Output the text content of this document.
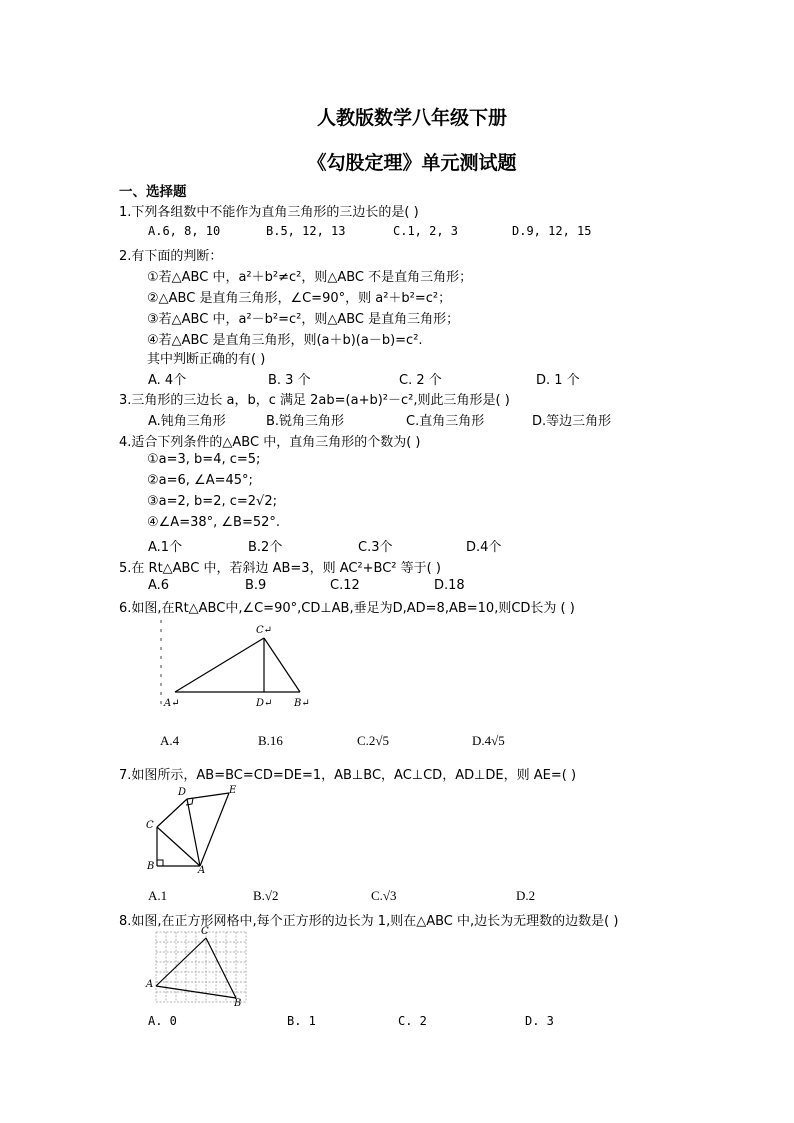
人教版数学八年级下册
《勾股定理》单元测试题
一、选择题
1.下列各组数中不能作为直角三角形的三边长的是( )
A.6, 8, 10	B.5, 12, 13	C.1, 2, 3	D.9, 12, 15
2.有下面的判断：
①若△ABC 中，a²＋b²≠c²，则△ABC 不是直角三角形；
②△ABC 是直角三角形，∠C=90°，则 a²＋b²=c²；
③若△ABC 中，a²－b²=c²，则△ABC 是直角三角形；
④若△ABC 是直角三角形，则(a＋b)(a－b)=c².
其中判断正确的有( )
A. 4个	B. 3 个	C. 2 个	D. 1 个
3.三角形的三边长 a，b，c 满足 2ab=(a+b)²－c²,则此三角形是( )
A.钝角三角形	B.锐角三角形	C.直角三角形	D.等边三角形
4.适合下列条件的△ABC 中，直角三角形的个数为( )
①a=3, b=4, c=5;
②a=6, ∠A=45°;
③a=2, b=2, c=2√2;
④∠A=38°, ∠B=52°.
A.1个	B.2个	C.3个	D.4个
5.在 Rt△ABC 中，若斜边 AB=3，则 AC²+BC² 等于( )
A.6	B.9	C.12	D.18
6.如图,在Rt△ABC中,∠C=90°,CD⊥AB,垂足为D,AD=8,AB=10,则CD长为 ( )
C↵
A↵	D↵ B↵
A.4	B.16	C.2√5	D.4√5
7.如图所示，AB=BC=CD=DE=1，AB⊥BC，AC⊥CD，AD⊥DE，则 AE=( )
D	E
C
B	A
A.1	B.√2	C.√3	D.2
8.如图,在正方形网格中,每个正方形的边长为 1,则在△ABC 中,边长为无理数的边数是( )
C
A
B
A. 0	B. 1	C. 2	D. 3
